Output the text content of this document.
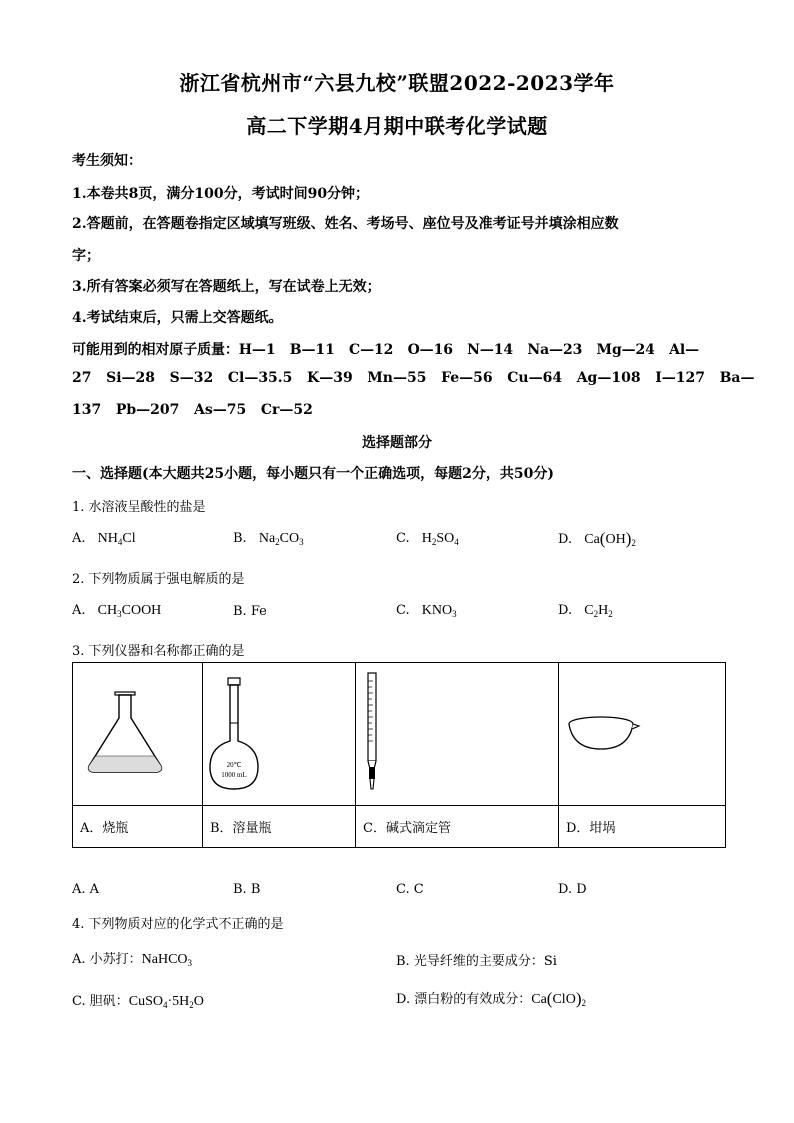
浙江省杭州市“六县九校”联盟2022-2023学年
高二下学期4月期中联考化学试题
考生须知：
1.本卷共8页，满分100分，考试时间90分钟；
2.答题前，在答题卷指定区域填写班级、姓名、考场号、座位号及准考证号并填涂相应数
字；
3.所有答案必须写在答题纸上，写在试卷上无效；
4.考试结束后，只需上交答题纸。
可能用到的相对原子质量：H—1   B—11   C—12   O—16   N—14   Na—23   Mg—24   Al—
27   Si—28   S—32   Cl—35.5   K—39   Mn—55   Fe—56   Cu—64   Ag—108   I—127   Ba—
137   Pb—207   As—75   Cr—52
选择题部分
一、选择题(本大题共25小题，每小题只有一个正确选项，每题2分，共50分)
1. 水溶液呈酸性的盐是
A. $NH_4Cl$	B. $Na_2CO_3$	C. $H_2SO_4$	D. $Ca(OH)_2$
2. 下列物质属于强电解质的是
A. $CH_3COOH$	B. Fe	C. $KNO_3$	D. $C_2H_2$
3. 下列仪器和名称都正确的是

20℃
1000 mL

A．烧瓶	B．溶量瓶	C．碱式滴定管	D．坩埚
A. A	B. B	C. C	D. D
4. 下列物质对应的化学式不正确的是
A. 小苏打：NaHCO$_3$	B. 光导纤维的主要成分：Si
C. 胆矾：$CuSO_4\cdot 5H_2O$	D. 漂白粉的有效成分：$Ca(ClO)_2$
